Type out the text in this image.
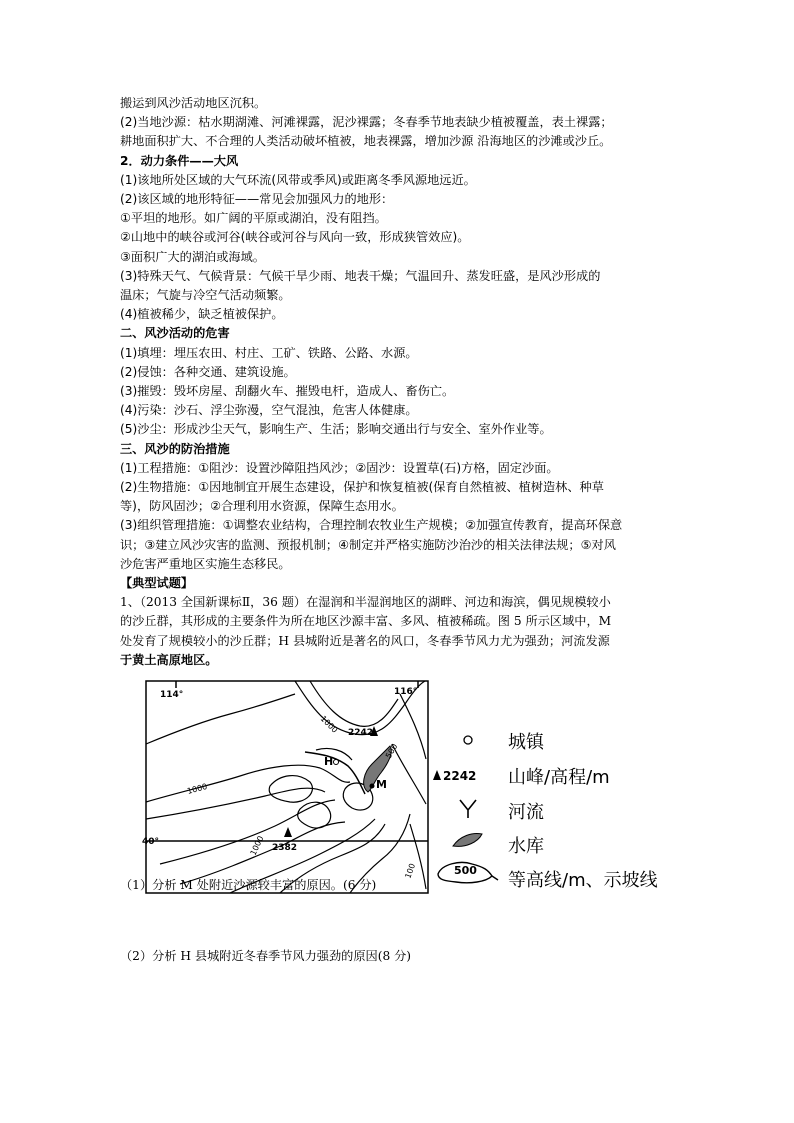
搬运到风沙活动地区沉积。
(2)当地沙源：枯水期湖滩、河滩裸露，泥沙裸露；冬春季节地表缺少植被覆盖，表土裸露；
耕地面积扩大、不合理的人类活动破坏植被，地表裸露，增加沙源 沿海地区的沙滩或沙丘。
2．动力条件——大风
(1)该地所处区域的大气环流(风带或季风)或距离冬季风源地远近。
(2)该区域的地形特征——常见会加强风力的地形：
①平坦的地形。如广阔的平原或湖泊，没有阻挡。
②山地中的峡谷或河谷(峡谷或河谷与风向一致，形成狭管效应)。
③面积广大的湖泊或海域。
(3)特殊天气、气候背景：气候干旱少雨、地表干燥；气温回升、蒸发旺盛，是风沙形成的
温床；气旋与冷空气活动频繁。
(4)植被稀少，缺乏植被保护。
二、风沙活动的危害
(1)填埋：埋压农田、村庄、工矿、铁路、公路、水源。
(2)侵蚀：各种交通、建筑设施。
(3)摧毁：毁坏房屋、刮翻火车、摧毁电杆，造成人、畜伤亡。
(4)污染：沙石、浮尘弥漫，空气混浊，危害人体健康。
(5)沙尘：形成沙尘天气，影响生产、生活；影响交通出行与安全、室外作业等。
三、风沙的防治措施
(1)工程措施：①阻沙：设置沙障阻挡风沙；②固沙：设置草(石)方格，固定沙面。
(2)生物措施：①因地制宜开展生态建设，保护和恢复植被(保育自然植被、植树造林、种草
等)，防风固沙；②合理利用水资源，保障生态用水。
(3)组织管理措施：①调整农业结构，合理控制农牧业生产规模；②加强宣传教育，提高环保意
识；③建立风沙灾害的监测、预报机制；④制定并严格实施防沙治沙的相关法律法规；⑤对风
沙危害严重地区实施生态移民。
【典型试题】
1、（2013 全国新课标Ⅱ，36 题）在湿润和半湿润地区的湖畔、河边和海滨，偶见规模较小
的沙丘群，其形成的主要条件为所在地区沙源丰富、多风、植被稀疏。图 5 所示区域中，M
处发育了规模较小的沙丘群；H 县城附近是著名的风口，冬春季节风力尤为强劲；河流发源
于黄土高原地区。
114°	116°
40°
2242
2382
H
M
500
1000
1000
1000
100
2242
500
城镇
山峰/高程/m
河流
水库
等高线/m、示坡线
（1）分析 M 处附近沙源较丰富的原因。(6 分)
（2）分析 H 县城附近冬春季节风力强劲的原因(8 分)
